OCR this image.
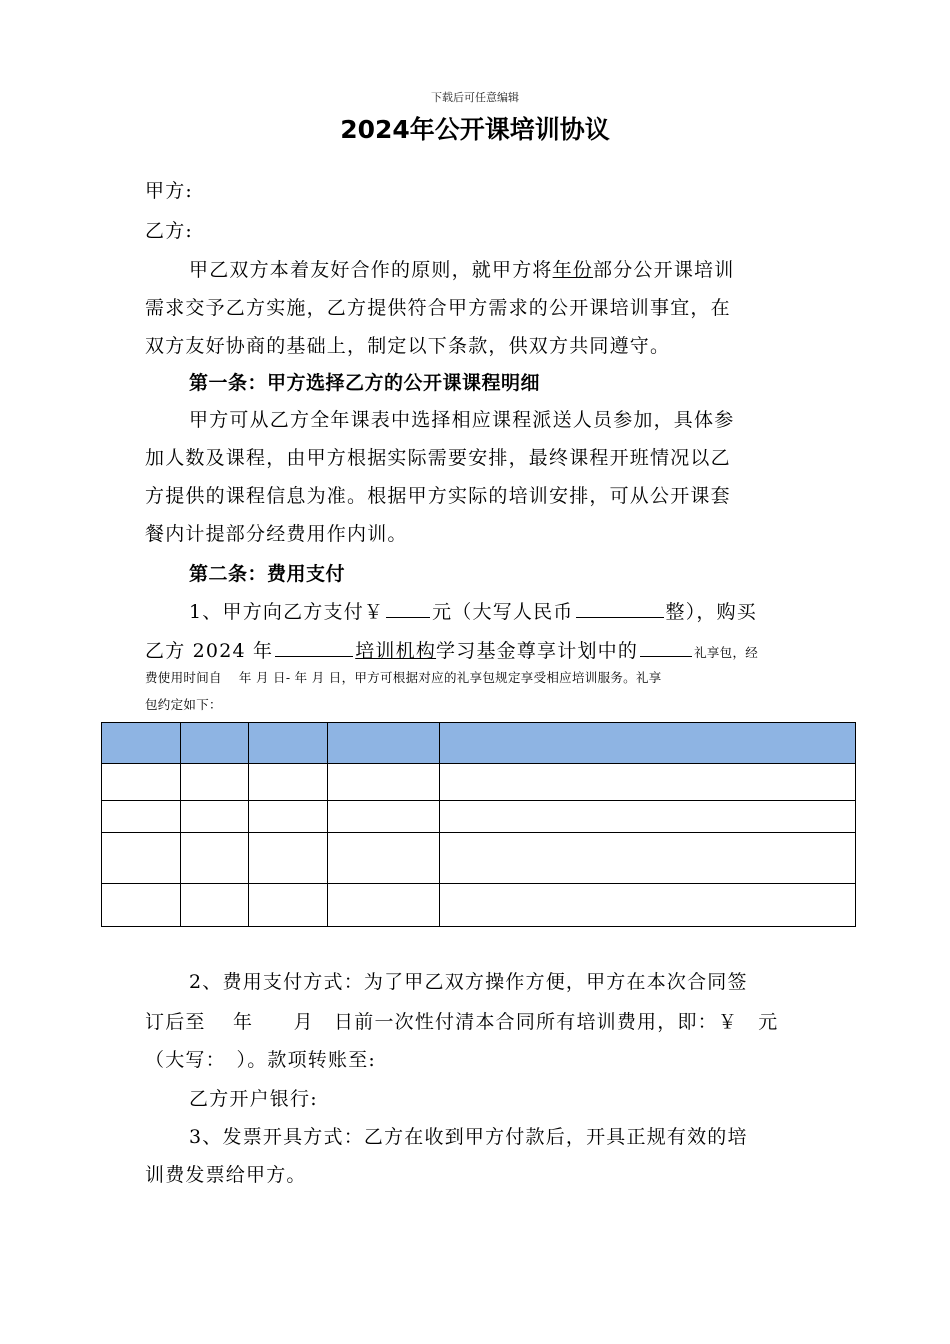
下载后可任意编辑
2024年公开课培训协议
甲方:
乙方:
甲乙双方本着友好合作的原则，就甲方将年份部分公开课培训
需求交予乙方实施，乙方提供符合甲方需求的公开课培训事宜，在
双方友好协商的基础上，制定以下条款，供双方共同遵守。
第一条：甲方选择乙方的公开课课程明细
甲方可从乙方全年课表中选择相应课程派送人员参加，具体参
加人数及课程，由甲方根据实际需要安排，最终课程开班情况以乙
方提供的课程信息为准。根据甲方实际的培训安排，可从公开课套
餐内计提部分经费用作内训。
第二条：费用支付
1、甲方向乙方支付￥	元（大写人民币	整），购买
乙方 2024 年	培训机构学习基金尊享计划中的	礼享包，经
费使用时间自　 年 月 日- 年 月 日，甲方可根据对应的礼享包规定享受相应培训服务。礼享
包约定如下：

2、费用支付方式：为了甲乙双方操作方便，甲方在本次合同签
订后至　 年　　月　日前一次性付清本合同所有培训费用，即：￥　元
（大写：　）。款项转账至:
乙方开户银行:
3、发票开具方式：乙方在收到甲方付款后，开具正规有效的培
训费发票给甲方。
